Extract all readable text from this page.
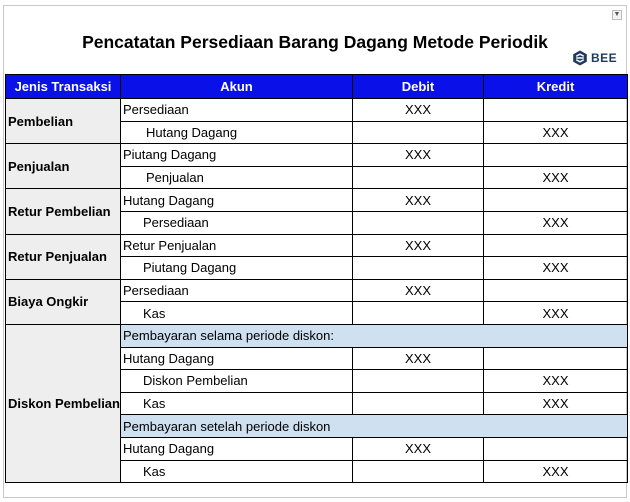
▼
Pencatatan Persediaan Barang Dagang Metode Periodik
BEE
Jenis Transaksi	Akun	Debit	Kredit
Pembelian	Persediaan	XXX	
	Hutang Dagang		XXX
Penjualan	Piutang Dagang	XXX	
	Penjualan		XXX
Retur Pembelian	Hutang Dagang	XXX	
	Persediaan		XXX
Retur Penjualan	Retur Penjualan	XXX	
	Piutang Dagang		XXX
Biaya Ongkir	Persediaan	XXX	
	Kas		XXX
Diskon Pembelian	Pembayaran selama periode diskon:		
	Hutang Dagang	XXX	
	Diskon Pembelian		XXX
	Kas		XXX
	Pembayaran setelah periode diskon		
	Hutang Dagang	XXX	
	Kas		XXX
